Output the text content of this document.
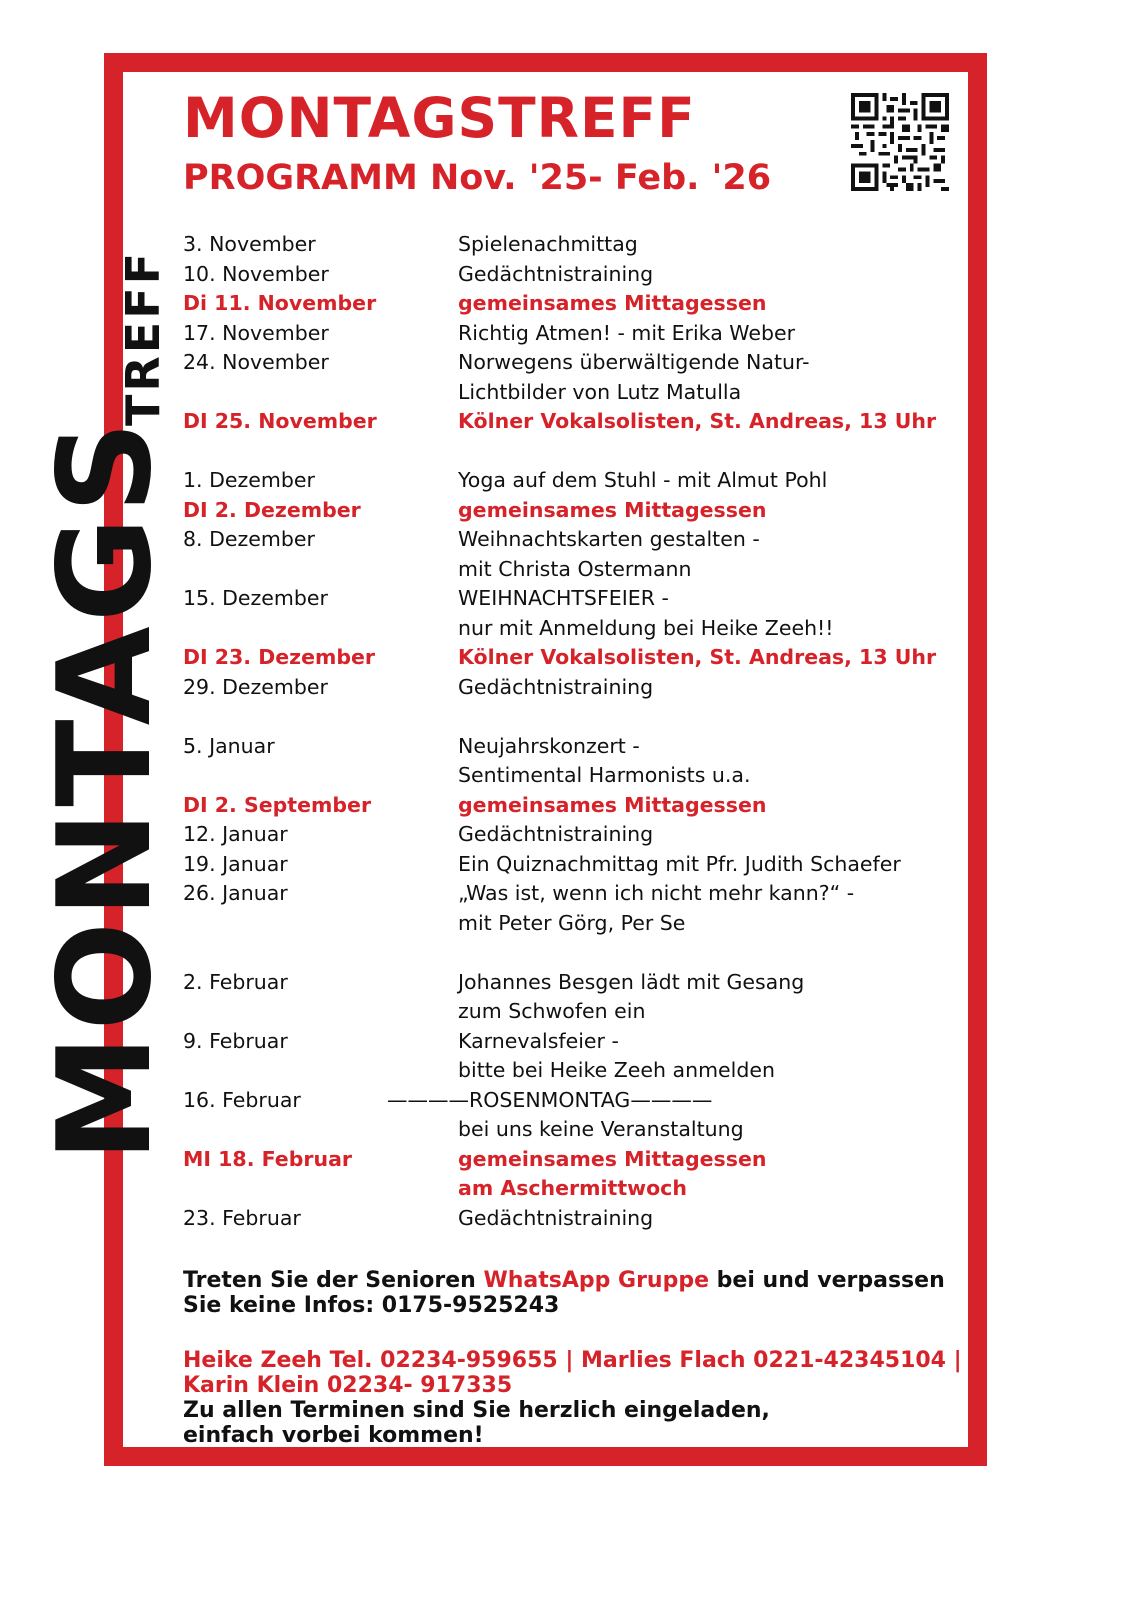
MONTAGS
TREFF
MONTAGSTREFF
PROGRAMM Nov. '25- Feb. '26
3. November	Spielenachmittag
10. November	Gedächtnistraining
Di 11. November	gemeinsames Mittagessen
17. November	Richtig Atmen! - mit Erika Weber
24. November	Norwegens überwältigende Natur-
Lichtbilder von Lutz Matulla
DI 25. November	Kölner Vokalsolisten, St. Andreas, 13 Uhr
1. Dezember	Yoga auf dem Stuhl - mit Almut Pohl
DI 2. Dezember	gemeinsames Mittagessen
8. Dezember	Weihnachtskarten gestalten -
mit Christa Ostermann
15. Dezember	WEIHNACHTSFEIER -
nur mit Anmeldung bei Heike Zeeh!!
DI 23. Dezember	Kölner Vokalsolisten, St. Andreas, 13 Uhr
29. Dezember	Gedächtnistraining
5. Januar	Neujahrskonzert -
Sentimental Harmonists u.a.
DI 2. September	gemeinsames Mittagessen
12. Januar	Gedächtnistraining
19. Januar	Ein Quiznachmittag mit Pfr. Judith Schaefer
26. Januar	„Was ist, wenn ich nicht mehr kann?“ -
mit Peter Görg, Per Se
2. Februar	Johannes Besgen lädt mit Gesang
zum Schwofen ein
9. Februar	Karnevalsfeier -
bitte bei Heike Zeeh anmelden
16. Februar	————ROSENMONTAG————
bei uns keine Veranstaltung
MI 18. Februar	gemeinsames Mittagessen
am Aschermittwoch
23. Februar	Gedächtnistraining
Treten Sie der Senioren WhatsApp Gruppe bei und verpassen
Sie keine Infos: 0175-9525243
Heike Zeeh Tel. 02234-959655 | Marlies Flach 0221-42345104 |
Karin Klein 02234- 917335
Zu allen Terminen sind Sie herzlich eingeladen,
einfach vorbei kommen!
